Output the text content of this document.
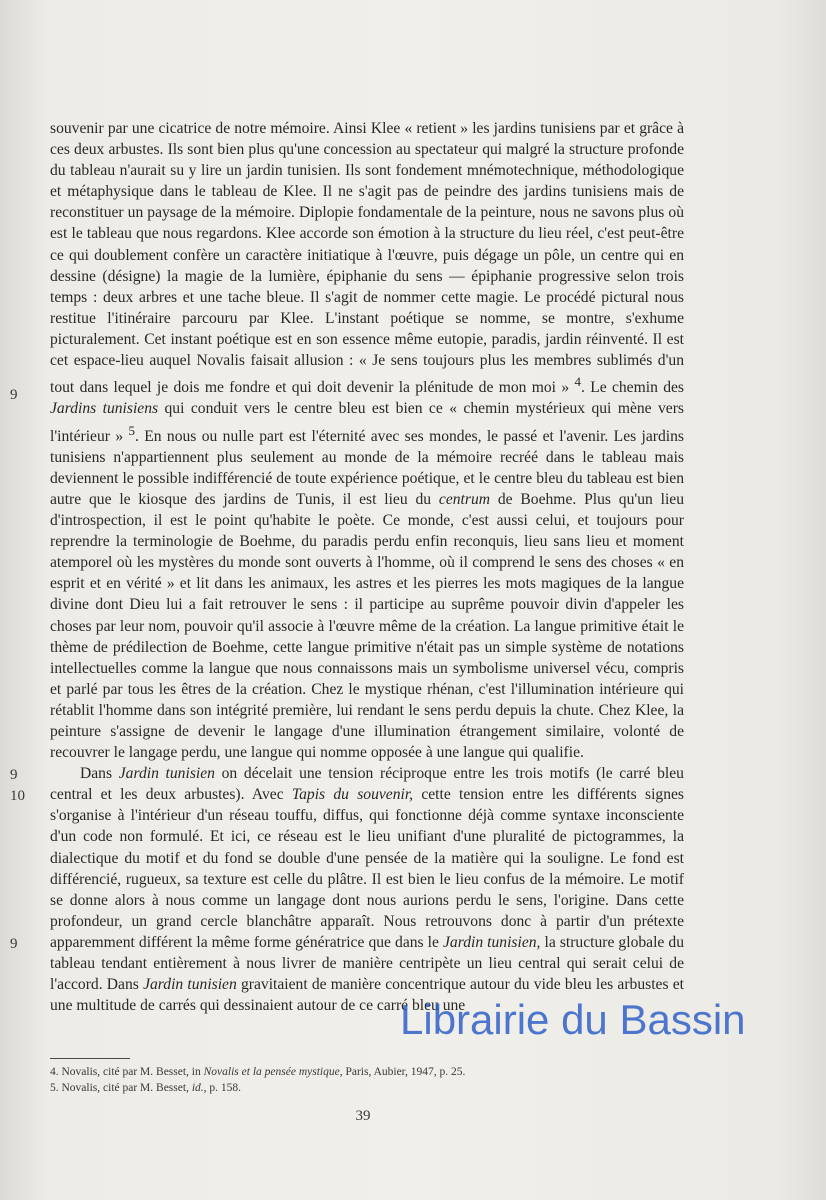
9
9
10
9

souvenir par une cicatrice de notre mémoire. Ainsi Klee « retient » les jardins tunisiens par et grâce à ces deux arbustes. Ils sont bien plus qu'une concession au spectateur qui malgré la structure profonde du tableau n'aurait su y lire un jardin tunisien. Ils sont fondement mnémotechnique, méthodologique et métaphysique dans le tableau de Klee. Il ne s'agit pas de peindre des jardins tunisiens mais de reconstituer un paysage de la mémoire. Diplopie fondamentale de la peinture, nous ne savons plus où est le tableau que nous regardons. Klee accorde son émotion à la structure du lieu réel, c'est peut-être ce qui doublement confère un caractère initiatique à l'œuvre, puis dégage un pôle, un centre qui en dessine (désigne) la magie de la lumière, épiphanie du sens — épiphanie progressive selon trois temps : deux arbres et une tache bleue. Il s'agit de nommer cette magie. Le procédé pictural nous restitue l'itinéraire parcouru par Klee. L'instant poétique se nomme, se montre, s'exhume picturalement. Cet instant poétique est en son essence même eutopie, paradis, jardin réinventé. Il est cet espace-lieu auquel Novalis faisait allusion : « Je sens toujours plus les membres sublimés d'un tout dans lequel je dois me fondre et qui doit devenir la plénitude de mon moi » $^4$. Le chemin des Jardins tunisiens qui conduit vers le centre bleu est bien ce « chemin mystérieux qui mène vers l'intérieur » $^5$. En nous ou nulle part est l'éternité avec ses mondes, le passé et l'avenir. Les jardins tunisiens n'appartiennent plus seulement au monde de la mémoire recréé dans le tableau mais deviennent le possible indifférencié de toute expérience poétique, et le centre bleu du tableau est bien autre que le kiosque des jardins de Tunis, il est lieu du centrum de Boehme. Plus qu'un lieu d'introspection, il est le point qu'habite le poète. Ce monde, c'est aussi celui, et toujours pour reprendre la terminologie de Boehme, du paradis perdu enfin reconquis, lieu sans lieu et moment atemporel où les mystères du monde sont ouverts à l'homme, où il comprend le sens des choses « en esprit et en vérité » et lit dans les animaux, les astres et les pierres les mots magiques de la langue divine dont Dieu lui a fait retrouver le sens : il participe au suprême pouvoir divin d'appeler les choses par leur nom, pouvoir qu'il associe à l'œuvre même de la création. La langue primitive était le thème de prédilection de Boehme, cette langue primitive n'était pas un simple système de notations intellectuelles comme la langue que nous connaissons mais un symbolisme universel vécu, compris et parlé par tous les êtres de la création. Chez le mystique rhénan, c'est l'illumination intérieure qui rétablit l'homme dans son intégrité première, lui rendant le sens perdu depuis la chute. Chez Klee, la peinture s'assigne de devenir le langage d'une illumination étrangement similaire, volonté de recouvrer le langage perdu, une langue qui nomme opposée à une langue qui qualifie.

Dans Jardin tunisien on décelait une tension réciproque entre les trois motifs (le carré bleu central et les deux arbustes). Avec Tapis du souvenir, cette tension entre les différents signes s'organise à l'intérieur d'un réseau touffu, diffus, qui fonctionne déjà comme syntaxe inconsciente d'un code non formulé. Et ici, ce réseau est le lieu unifiant d'une pluralité de pictogrammes, la dialectique du motif et du fond se double d'une pensée de la matière qui la souligne. Le fond est différencié, rugueux, sa texture est celle du plâtre. Il est bien le lieu confus de la mémoire. Le motif se donne alors à nous comme un langage dont nous aurions perdu le sens, l'origine. Dans cette profondeur, un grand cercle blanchâtre apparaît. Nous retrouvons donc à partir d'un prétexte apparemment différent la même forme génératrice que dans le Jardin tunisien, la structure globale du tableau tendant entièrement à nous livrer de manière centripète un lieu central qui serait celui de l'accord. Dans Jardin tunisien gravitaient de manière concentrique autour du vide bleu les arbustes et une multitude de carrés qui dessinaient autour de ce carré bleu une

Librairie du Bassin
4. Novalis, cité par M. Besset, in Novalis et la pensée mystique, Paris, Aubier, 1947, p. 25.
5. Novalis, cité par M. Besset, id., p. 158.
39
